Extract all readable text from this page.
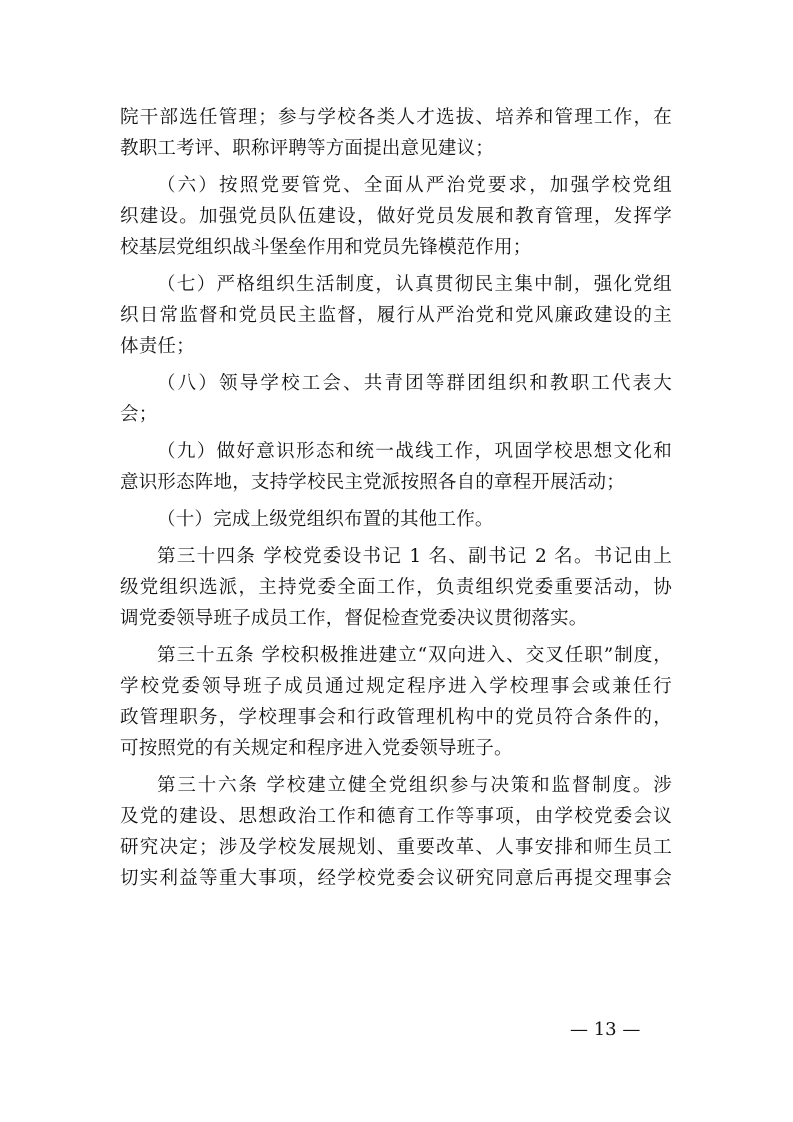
院干部选任管理；参与学校各类人才选拔、培养和管理工作，在
教职工考评、职称评聘等方面提出意见建议；
（六）按照党要管党、全面从严治党要求，加强学校党组
织建设。加强党员队伍建设，做好党员发展和教育管理，发挥学
校基层党组织战斗堡垒作用和党员先锋模范作用；
（七）严格组织生活制度，认真贯彻民主集中制，强化党组
织日常监督和党员民主监督，履行从严治党和党风廉政建设的主
体责任；
（八）领导学校工会、共青团等群团组织和教职工代表大
会；
（九）做好意识形态和统一战线工作，巩固学校思想文化和
意识形态阵地，支持学校民主党派按照各自的章程开展活动；
（十）完成上级党组织布置的其他工作。
第三十四条 学校党委设书记 1 名、副书记 2 名。书记由上
级党组织选派，主持党委全面工作，负责组织党委重要活动，协
调党委领导班子成员工作，督促检查党委决议贯彻落实。
第三十五条 学校积极推进建立“双向进入、交叉任职”制度，
学校党委领导班子成员通过规定程序进入学校理事会或兼任行
政管理职务，学校理事会和行政管理机构中的党员符合条件的，
可按照党的有关规定和程序进入党委领导班子。
第三十六条 学校建立健全党组织参与决策和监督制度。涉
及党的建设、思想政治工作和德育工作等事项，由学校党委会议
研究决定；涉及学校发展规划、重要改革、人事安排和师生员工
切实利益等重大事项，经学校党委会议研究同意后再提交理事会
— 13 —
